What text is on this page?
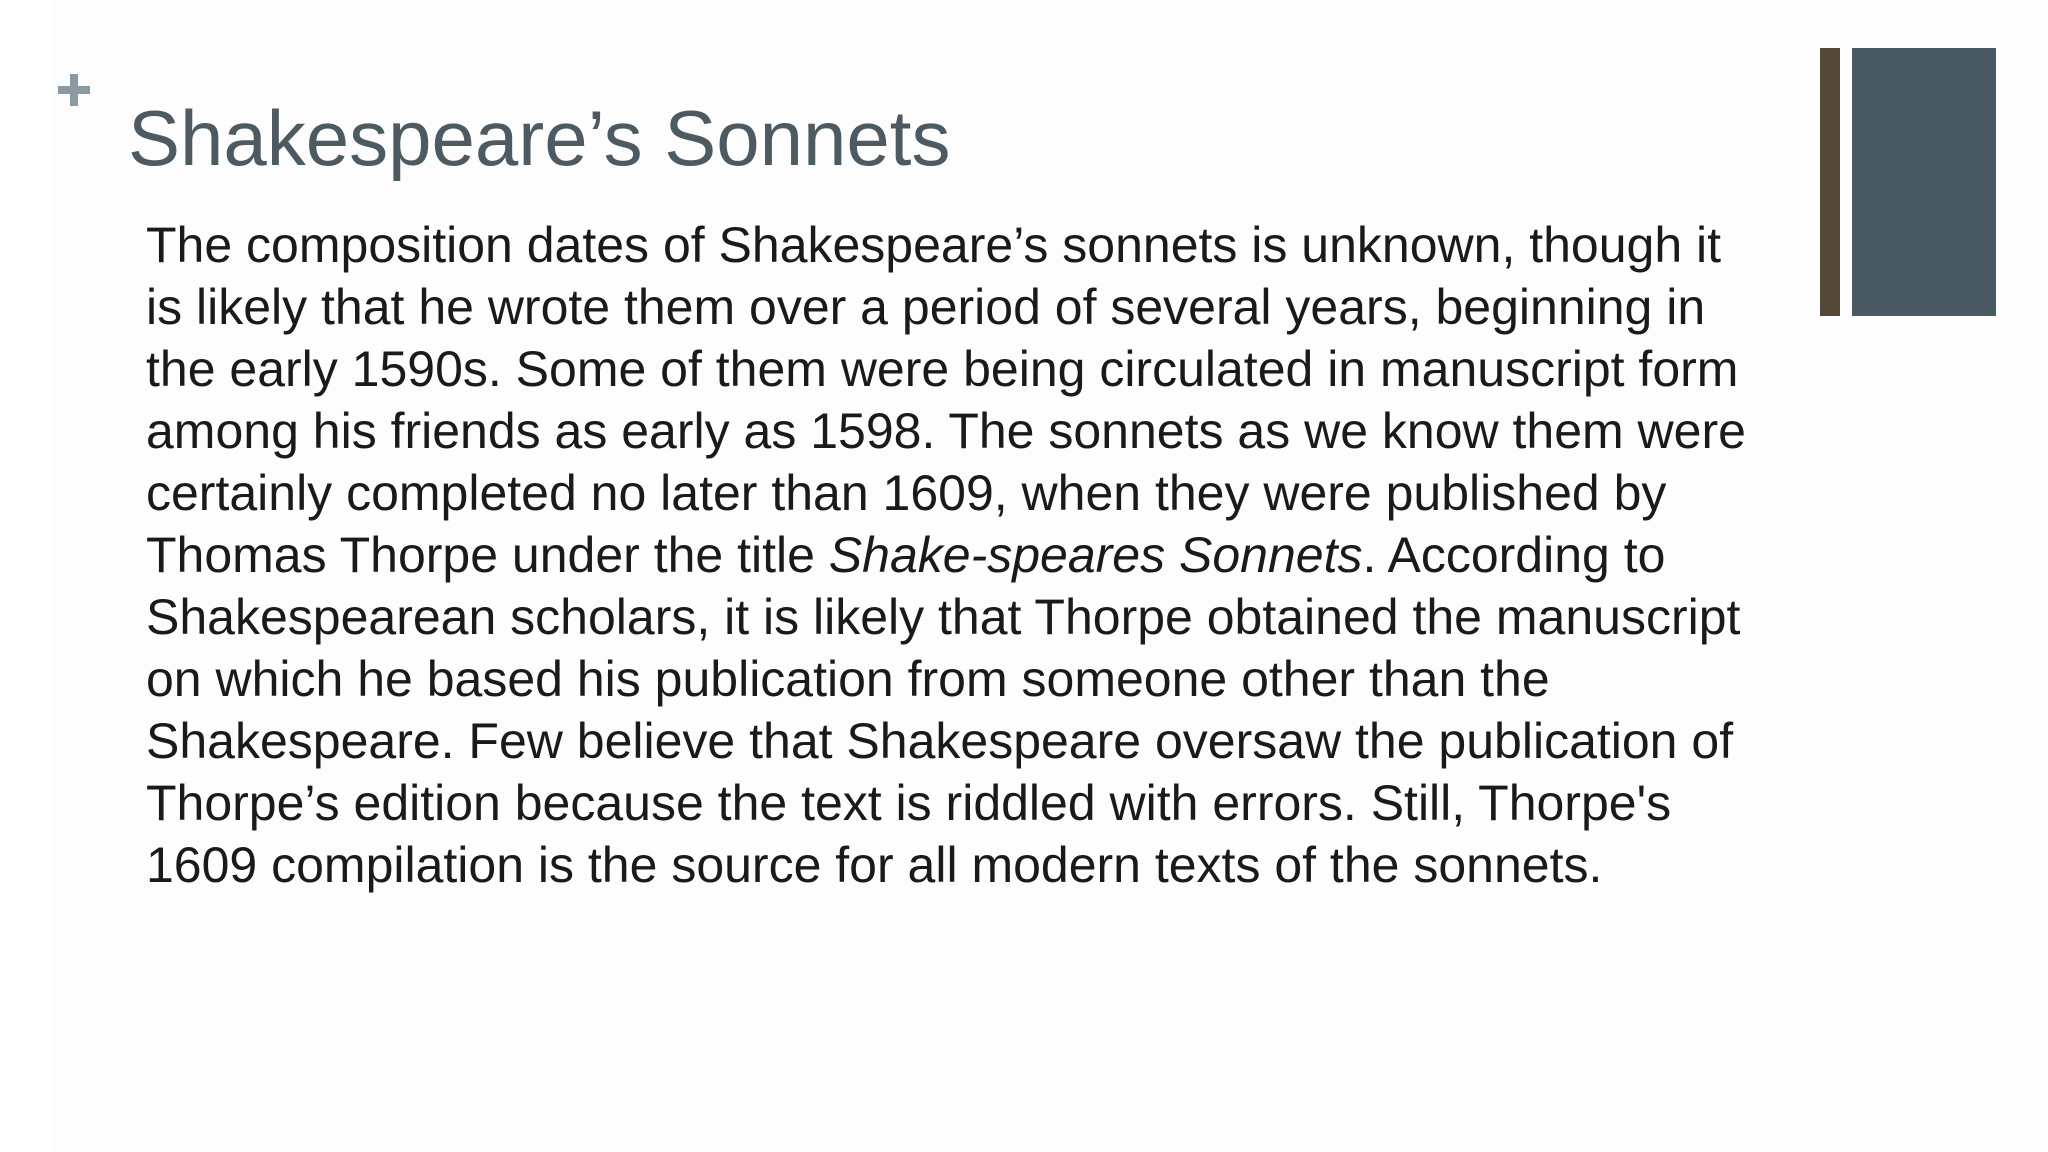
Shakespeare’s Sonnets

The composition dates of Shakespeare’s sonnets is unknown, though it
is likely that he wrote them over a period of several years, beginning in
the early 1590s. Some of them were being circulated in manuscript form
among his friends as early as 1598. The sonnets as we know them were
certainly completed no later than 1609, when they were published by
Thomas Thorpe under the title Shake-speares Sonnets. According to
Shakespearean scholars, it is likely that Thorpe obtained the manuscript
on which he based his publication from someone other than the
Shakespeare. Few believe that Shakespeare oversaw the publication of
Thorpe’s edition because the text is riddled with errors. Still, Thorpe's
1609 compilation is the source for all modern texts of the sonnets.
